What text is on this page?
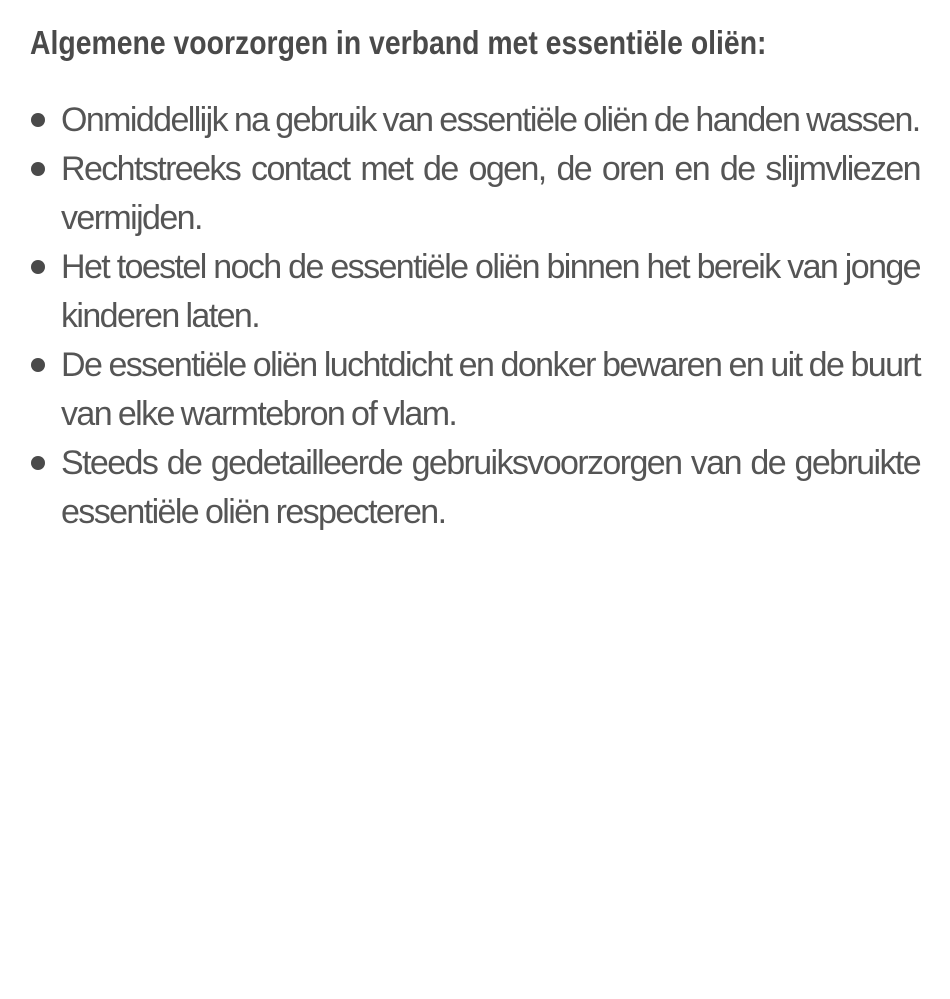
Algemene voorzorgen in verband met essentiële oliën:
Onmiddellijk na gebruik van essentiële oliën de handen wassen.
Rechtstreeks contact met de ogen, de oren en de slijmvliezen vermijden.
Het toestel noch de essentiële oliën binnen het bereik van jonge kinderen laten.
De essentiële oliën luchtdicht en donker bewaren en uit de buurt van elke warmtebron of vlam.
Steeds de gedetailleerde gebruiksvoorzorgen van de gebruikte essentiële oliën respecteren.
